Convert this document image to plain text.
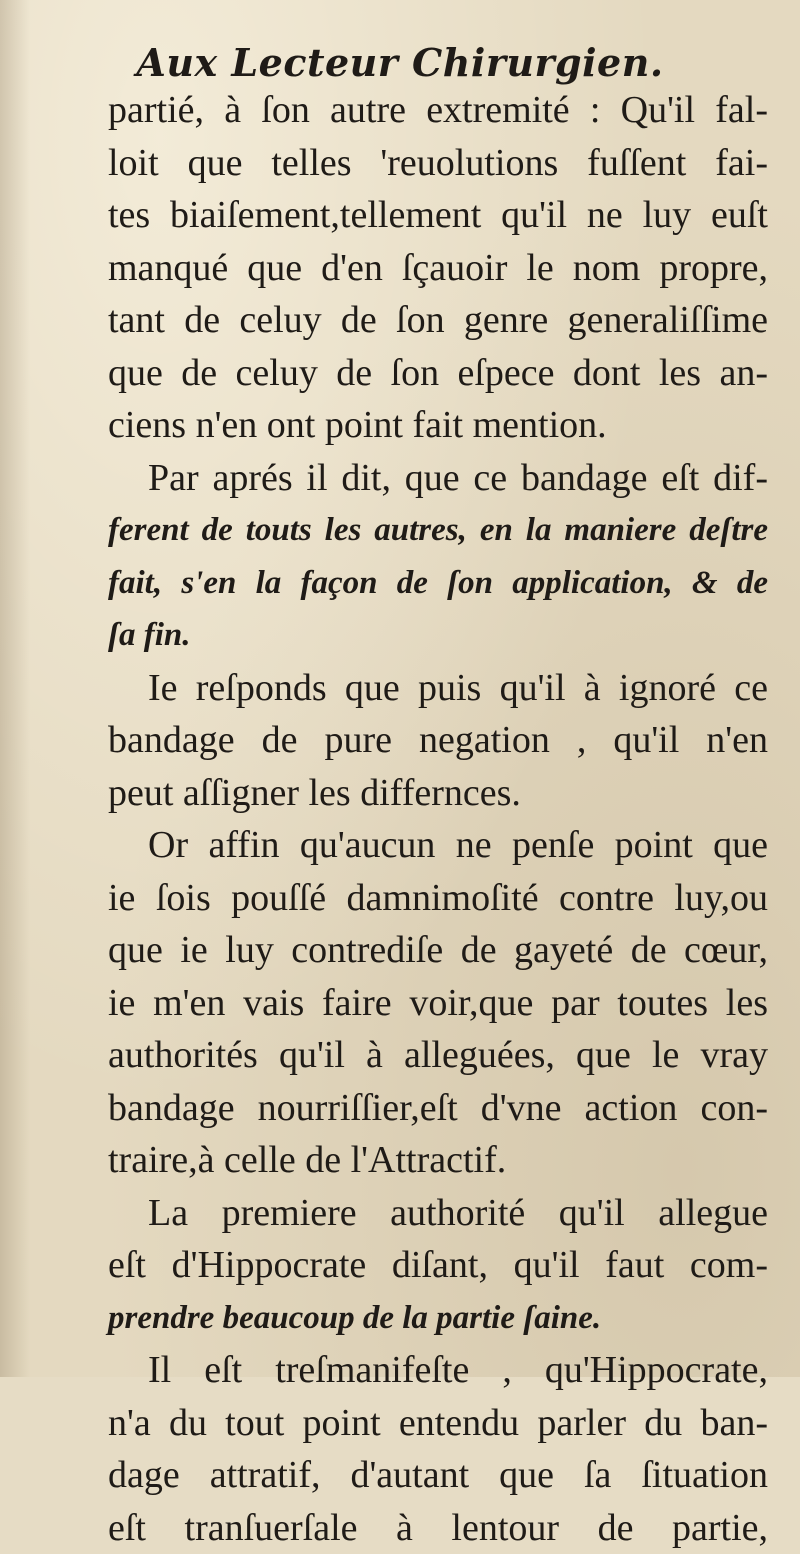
Aux Lecteur Chirurgien.
partié, à ſon autre extremité : Qu'il fal-
loit que telles 'reuolutions fuſſent fai-
tes biaiſement,tellement qu'il ne luy euſt
manqué que d'en ſçauoir le nom propre,
tant de celuy de ſon genre generaliſſime
que de celuy de ſon eſpece dont les an-
ciens n'en ont point fait mention.
Par aprés il dit, que ce bandage eſt dif-
ferent de touts les autres, en la maniere deſtre
fait, s'en la façon de ſon application, & de
ſa fin.
Ie reſponds que puis qu'il à ignoré ce
bandage de pure negation , qu'il n'en
peut aſſigner les differnces.
Or affin qu'aucun ne penſe point que
ie ſois pouſſé damnimoſité contre luy,ou
que ie luy contrediſe de gayeté de cœur,
ie m'en vais faire voir,que par toutes les
authorités qu'il à alleguées, que le vray
bandage nourriſſier,eſt d'vne action con-
traire,à celle de l'Attractif.
La premiere authorité qu'il allegue
eſt d'Hippocrate diſant, qu'il faut com-
prendre beaucoup de la partie ſaine.
Il eſt treſmanifeſte , qu'Hippocrate,
n'a du tout point entendu parler du ban-
dage attratif, d'autant que ſa ſituation
eſt tranſuerſale à lentour de partie,
